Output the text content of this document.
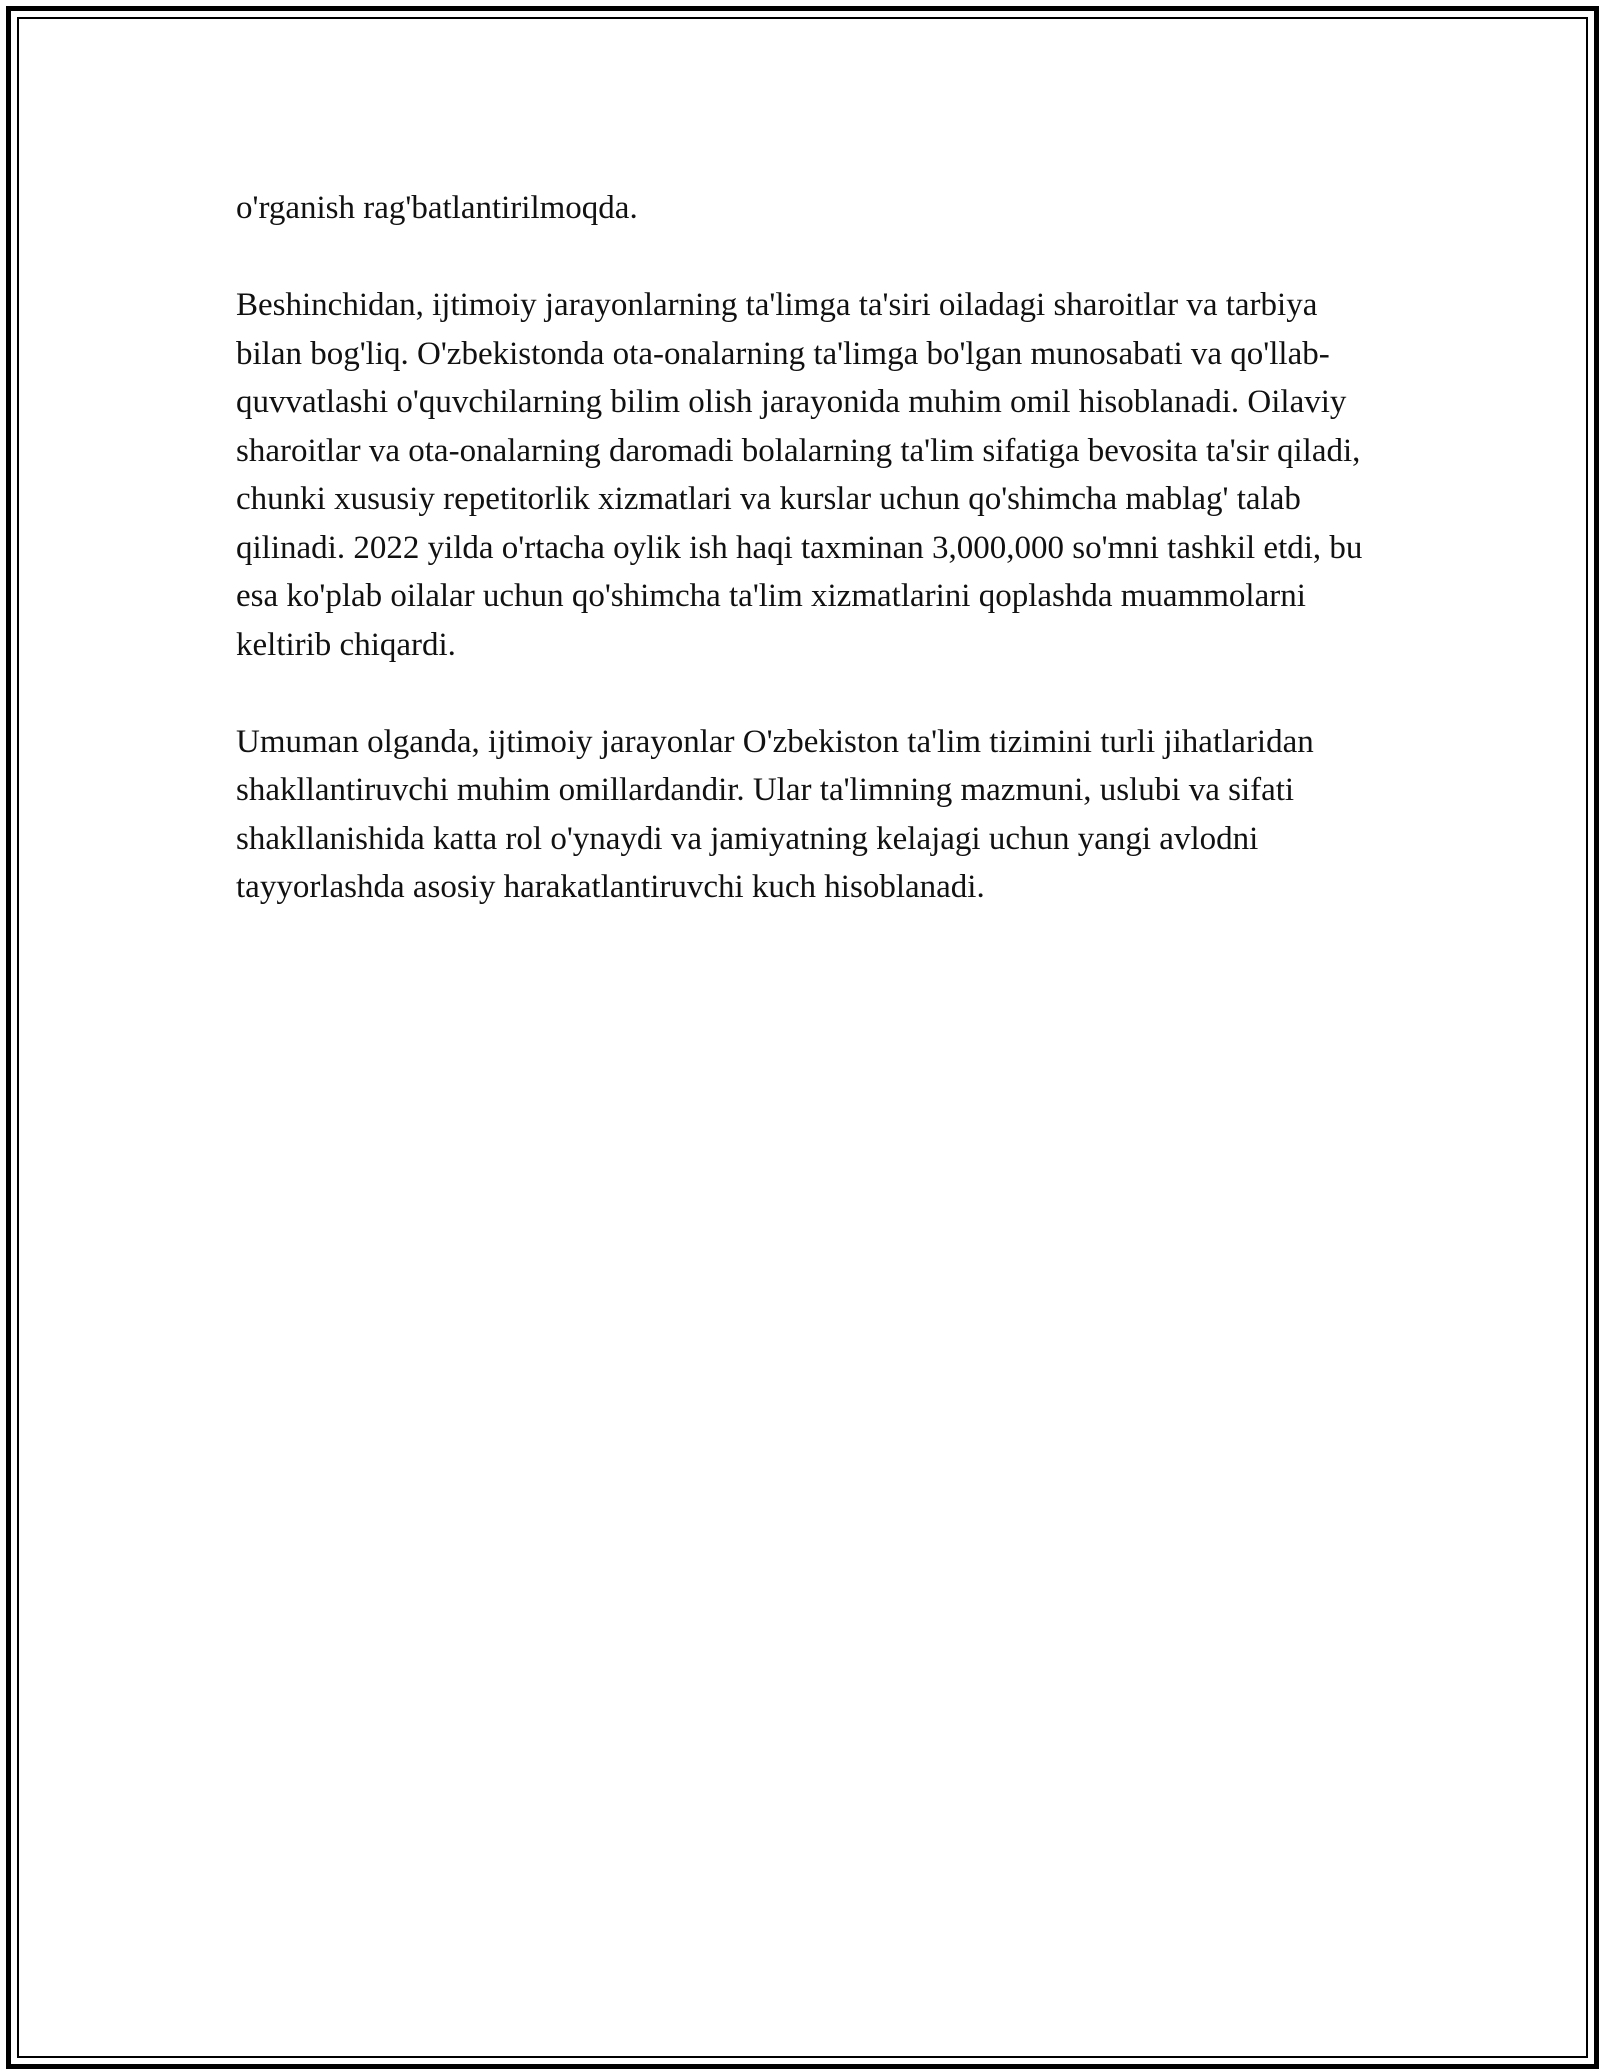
o'rganish rag'batlantirilmoqda.

Beshinchidan, ijtimoiy jarayonlarning ta'limga ta'siri oiladagi sharoitlar va tarbiya bilan bog'liq. O'zbekistonda ota-onalarning ta'limga bo'lgan munosabati va qo'llab-quvvatlashi o'quvchilarning bilim olish jarayonida muhim omil hisoblanadi. Oilaviy sharoitlar va ota-onalarning daromadi bolalarning ta'lim sifatiga bevosita ta'sir qiladi, chunki xususiy repetitorlik xizmatlari va kurslar uchun qo'shimcha mablag' talab qilinadi. 2022 yilda o'rtacha oylik ish haqi taxminan 3,000,000 so'mni tashkil etdi, bu esa ko'plab oilalar uchun qo'shimcha ta'lim xizmatlarini qoplashda muammolarni keltirib chiqardi.

Umuman olganda, ijtimoiy jarayonlar O'zbekiston ta'lim tizimini turli jihatlaridan shakllantiruvchi muhim omillardandir. Ular ta'limning mazmuni, uslubi va sifati shakllanishida katta rol o'ynaydi va jamiyatning kelajagi uchun yangi avlodni tayyorlashda asosiy harakatlantiruvchi kuch hisoblanadi.
